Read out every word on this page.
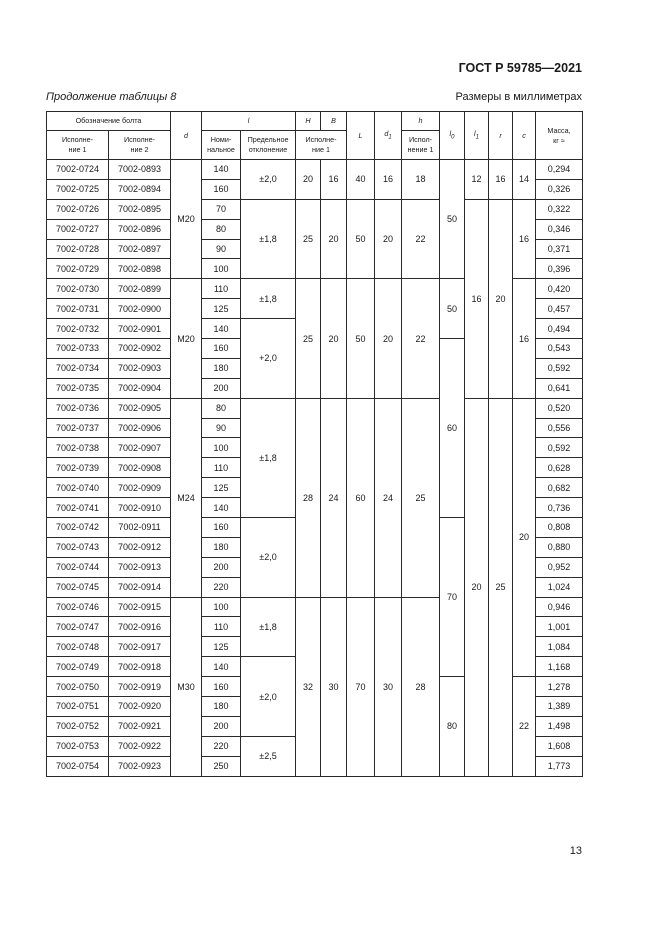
ГОСТ Р 59785—2021
Продолжение таблицы 8	Размеры в миллиметрах
Обозначение болта		d	l		H	B	L	$d_1$	h	$l_0$	$l_1$	r	c	Масса,
кг ≈
Исполне-
ние 1	Исполне-
ние 2		Номи-
нальное	Предельное
отклонение	Исполне-
ние 1				Испол-
нение 1					
7002-0724	7002-0893	M20	140	±2,0	20	16	40	16	18	50	12	16	14	0,294
7002-0725	7002-0894		160											0,326
7002-0726	7002-0895		70	±1,8	25	20	50	20	22		16	20	16	0,322
7002-0727	7002-0896		80											0,346
7002-0728	7002-0897		90											0,371
7002-0729	7002-0898		100											0,396
7002-0730	7002-0899	M20	110	±1,8	25	20	50	20	22	50			16	0,420
7002-0731	7002-0900		125											0,457
7002-0732	7002-0901		140	+2,0										0,494
7002-0733	7002-0902		160							60				0,543
7002-0734	7002-0903		180											0,592
7002-0735	7002-0904		200											0,641
7002-0736	7002-0905	M24	80	±1,8	28	24	60	24	25		20	25	20	0,520
7002-0737	7002-0906		90											0,556
7002-0738	7002-0907		100											0,592
7002-0739	7002-0908		110											0,628
7002-0740	7002-0909		125											0,682
7002-0741	7002-0910		140											0,736
7002-0742	7002-0911		160	±2,0						70				0,808
7002-0743	7002-0912		180											0,880
7002-0744	7002-0913		200											0,952
7002-0745	7002-0914		220											1,024
7002-0746	7002-0915	M30	100	±1,8	32	30	70	30	28					0,946
7002-0747	7002-0916		110											1,001
7002-0748	7002-0917		125											1,084
7002-0749	7002-0918		140	±2,0										1,168
7002-0750	7002-0919		160							80			22	1,278
7002-0751	7002-0920		180											1,389
7002-0752	7002-0921		200											1,498
7002-0753	7002-0922		220	±2,5										1,608
7002-0754	7002-0923		250											1,773
13
